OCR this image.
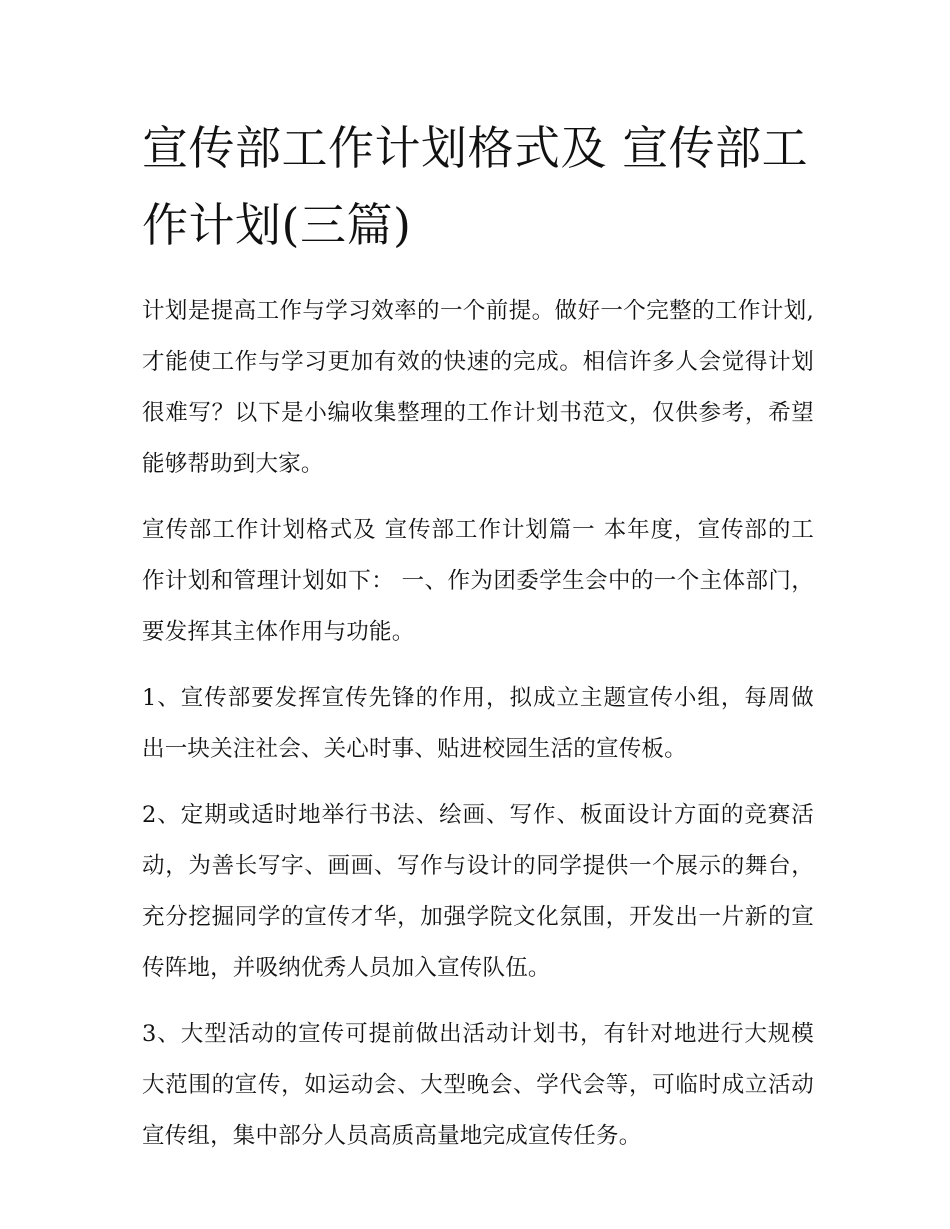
宣传部工作计划格式及 宣传部工作计划(三篇)

计划是提高工作与学习效率的一个前提。做好一个完整的工作计划,才能使工作与学习更加有效的快速的完成。相信许多人会觉得计划很难写？以下是小编收集整理的工作计划书范文，仅供参考，希望能够帮助到大家。

宣传部工作计划格式及 宣传部工作计划篇一 本年度，宣传部的工作计划和管理计划如下： 一、作为团委学生会中的一个主体部门，要发挥其主体作用与功能。

1、宣传部要发挥宣传先锋的作用，拟成立主题宣传小组，每周做出一块关注社会、关心时事、贴进校园生活的宣传板。

2、定期或适时地举行书法、绘画、写作、板面设计方面的竞赛活动，为善长写字、画画、写作与设计的同学提供一个展示的舞台，充分挖掘同学的宣传才华，加强学院文化氛围，开发出一片新的宣传阵地，并吸纳优秀人员加入宣传队伍。

3、大型活动的宣传可提前做出活动计划书，有针对地进行大规模大范围的宣传，如运动会、大型晚会、学代会等，可临时成立活动宣传组，集中部分人员高质高量地完成宣传任务。
